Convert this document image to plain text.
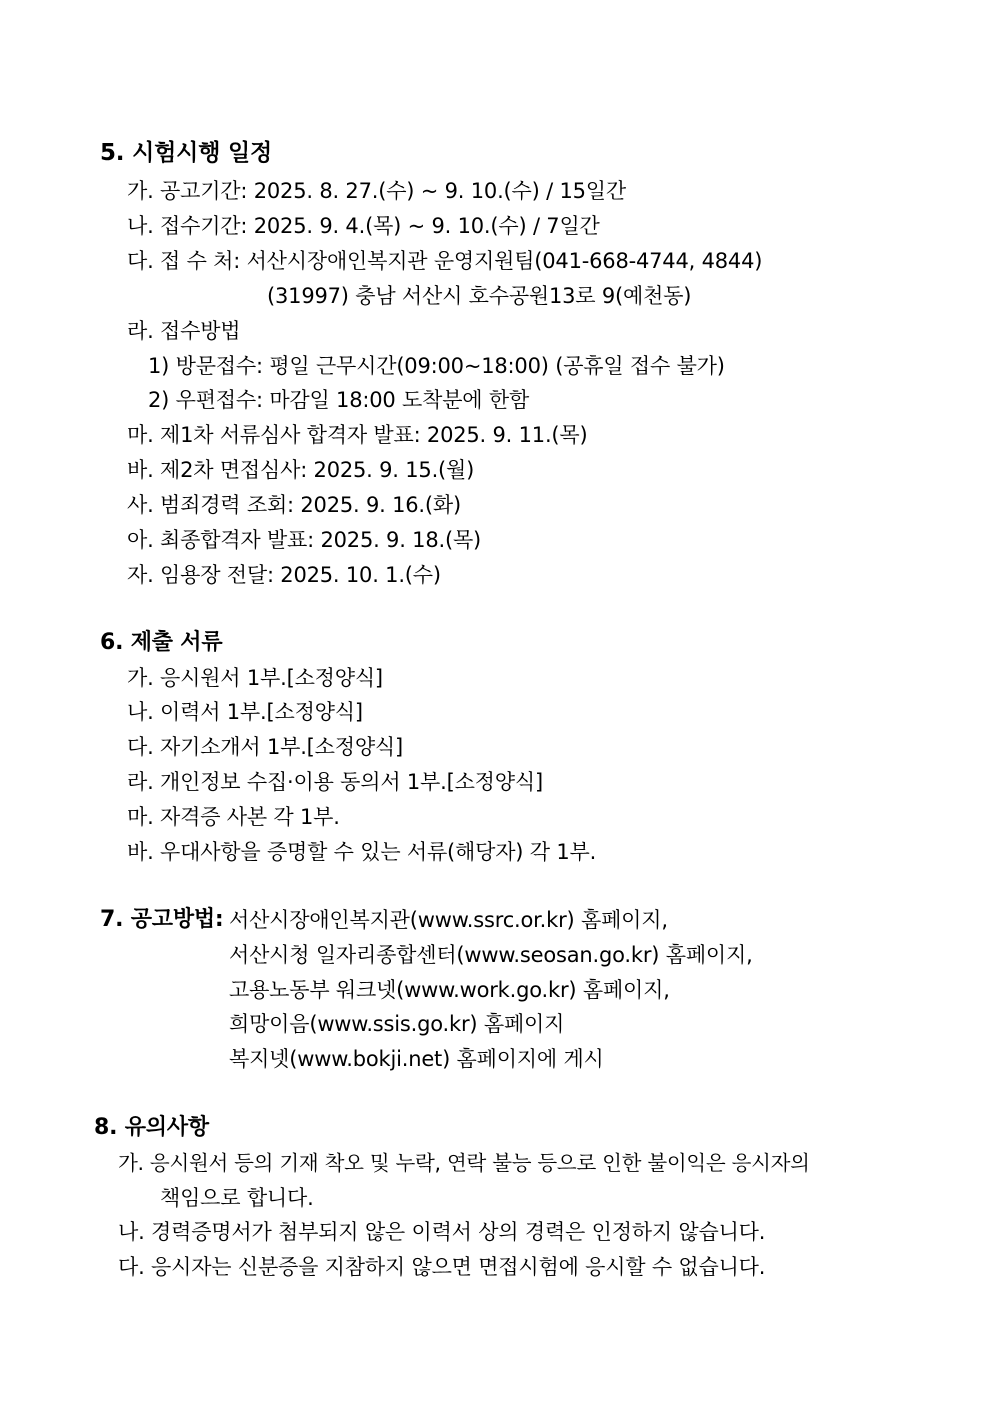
5. 시험시행 일정
가. 공고기간: 2025. 8. 27.(수) ~ 9. 10.(수) / 15일간
나. 접수기간: 2025. 9. 4.(목) ~ 9. 10.(수) / 7일간
다. 접 수 처: 서산시장애인복지관 운영지원팀(041-668-4744, 4844)
(31997) 충남 서산시 호수공원13로 9(예천동)
라. 접수방법
1) 방문접수: 평일 근무시간(09:00~18:00) (공휴일 접수 불가)
2) 우편접수: 마감일 18:00 도착분에 한함
마. 제1차 서류심사 합격자 발표: 2025. 9. 11.(목)
바. 제2차 면접심사: 2025. 9. 15.(월)
사. 범죄경력 조회: 2025. 9. 16.(화)
아. 최종합격자 발표: 2025. 9. 18.(목)
자. 임용장 전달: 2025. 10. 1.(수)
6. 제출 서류
가. 응시원서 1부.[소정양식]
나. 이력서 1부.[소정양식]
다. 자기소개서 1부.[소정양식]
라. 개인정보 수집·이용 동의서 1부.[소정양식]
마. 자격증 사본 각 1부.
바. 우대사항을 증명할 수 있는 서류(해당자) 각 1부.
7. 공고방법: 서산시장애인복지관(www.ssrc.or.kr) 홈페이지,
서산시청 일자리종합센터(www.seosan.go.kr) 홈페이지,
고용노동부 워크넷(www.work.go.kr) 홈페이지,
희망이음(www.ssis.go.kr) 홈페이지
복지넷(www.bokji.net) 홈페이지에 게시
8. 유의사항
가. 응시원서 등의 기재 착오 및 누락, 연락 불능 등으로 인한 불이익은 응시자의
책임으로 합니다.
나. 경력증명서가 첨부되지 않은 이력서 상의 경력은 인정하지 않습니다.
다. 응시자는 신분증을 지참하지 않으면 면접시험에 응시할 수 없습니다.
